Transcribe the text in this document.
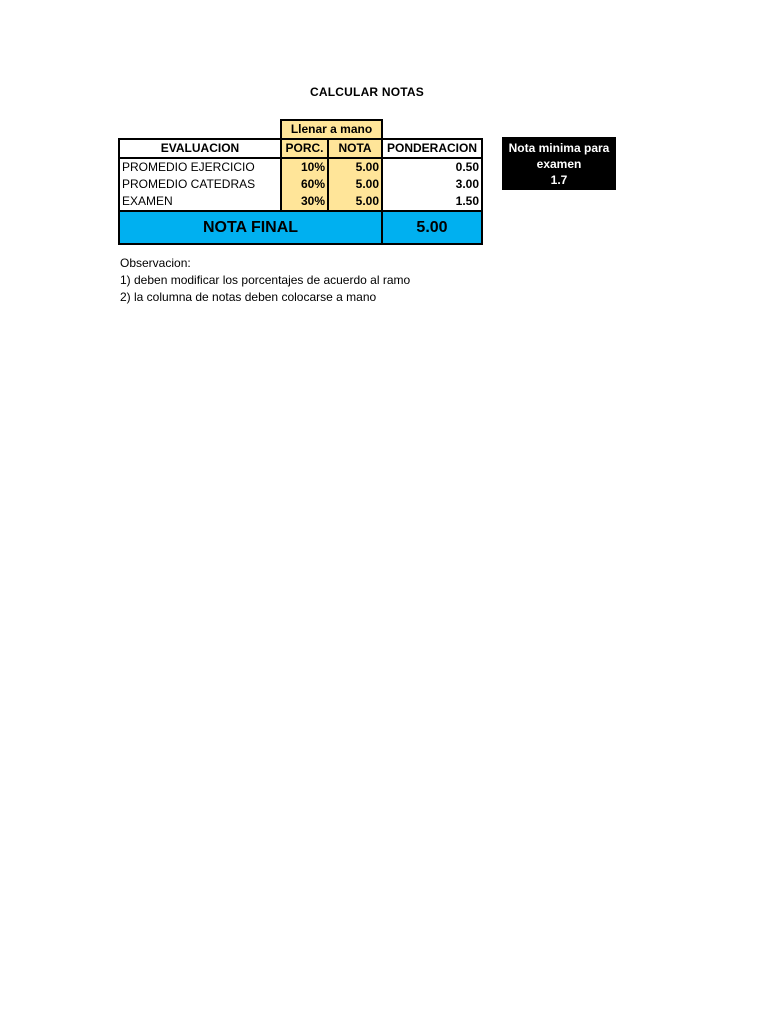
CALCULAR NOTAS
	Llenar a mano		
EVALUACION	PORC.	NOTA	PONDERACION
PROMEDIO EJERCICIO	10%	5.00	0.50
PROMEDIO CATEDRAS	60%	5.00	3.00
EXAMEN	30%	5.00	1.50
NOTA FINAL			5.00
Nota minima para
examen
1.7
Observacion:
1) deben modificar los porcentajes de acuerdo al ramo
2) la columna de notas deben colocarse a mano
